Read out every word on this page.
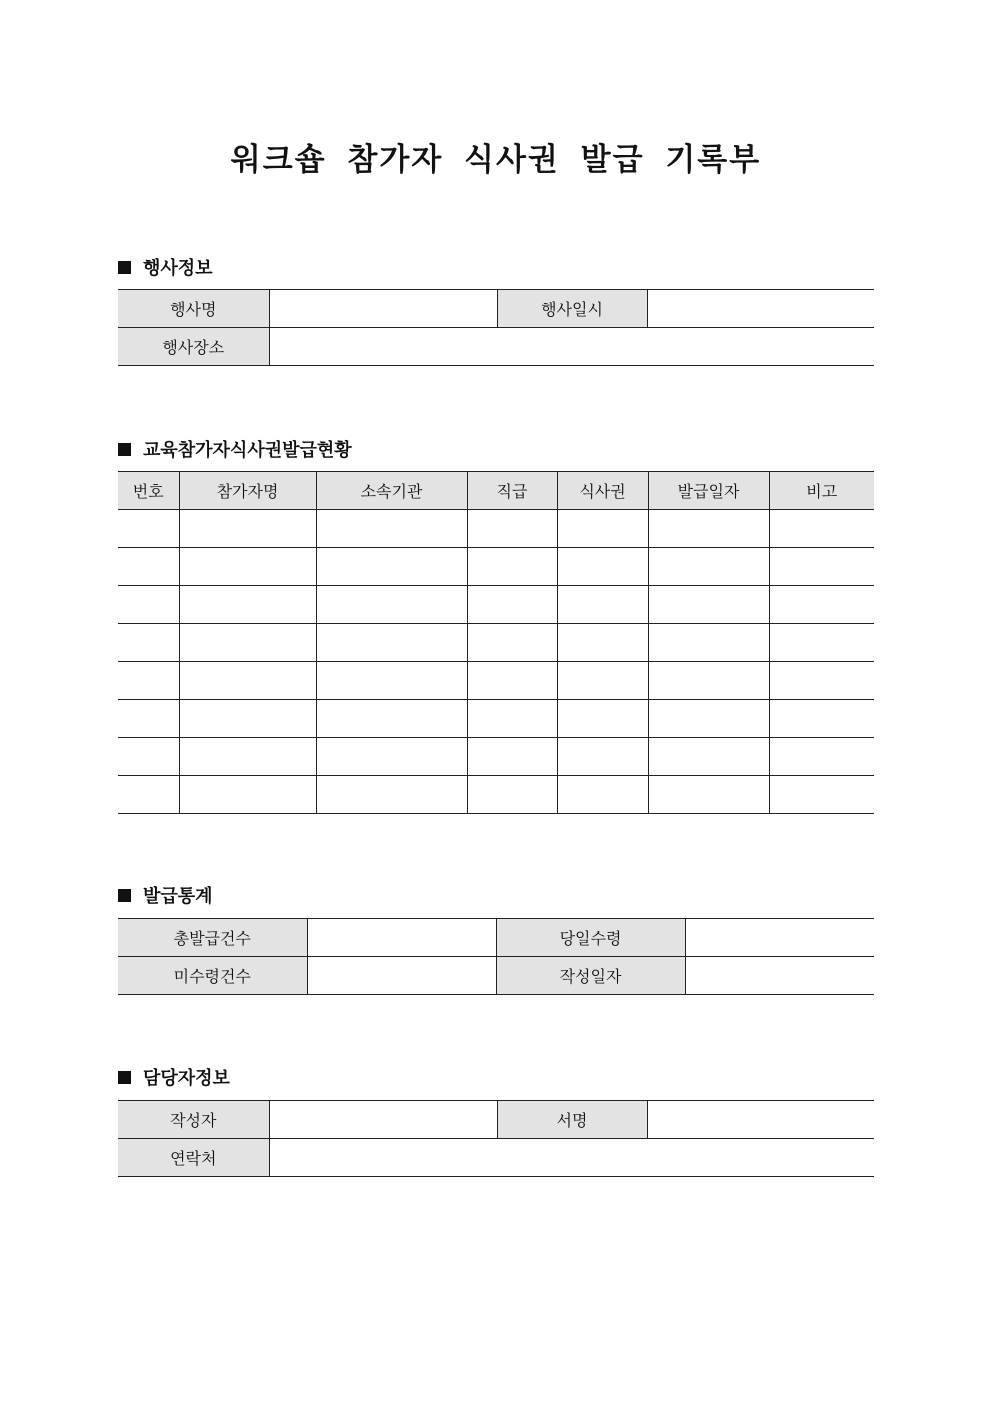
워크숍 참가자 식사권 발급 기록부
행사정보
행사명		행사일시	
행사장소			
교육참가자식사권발급현황
번호	참가자명	소속기관	직급	식사권	발급일자	비고

발급통계
총발급건수		당일수령	
미수령건수		작성일자	
담당자정보
작성자		서명	
연락처			
